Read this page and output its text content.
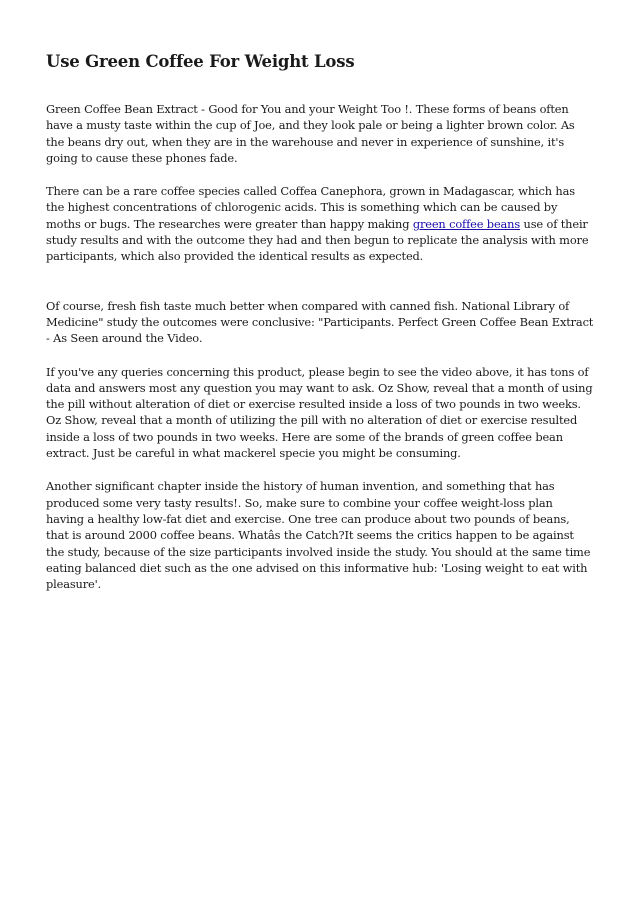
Use Green Coffee For Weight Loss

Green Coffee Bean Extract - Good for You and your Weight Too !. These forms of beans often have a musty taste within the cup of Joe, and they look pale or being a lighter brown color. As the beans dry out, when they are in the warehouse and never in experience of sunshine, it's going to cause these phones fade.

There can be a rare coffee species called Coffea Canephora, grown in Madagascar, which has the highest concentrations of chlorogenic acids. This is something which can be caused by moths or bugs. The researches were greater than happy making green coffee beans use of their study results and with the outcome they had and then begun to replicate the analysis with more participants, which also provided the identical results as expected.

Of course, fresh fish taste much better when compared with canned fish. National Library of Medicine" study the outcomes were conclusive: "Participants. Perfect Green Coffee Bean Extract - As Seen around the Video.

If you've any queries concerning this product, please begin to see the video above, it has tons of data and answers most any question you may want to ask. Oz Show, reveal that a month of using the pill without alteration of diet or exercise resulted inside a loss of two pounds in two weeks. Oz Show, reveal that a month of utilizing the pill with no alteration of diet or exercise resulted inside a loss of two pounds in two weeks. Here are some of the brands of green coffee bean extract. Just be careful in what mackerel specie you might be consuming.

Another significant chapter inside the history of human invention, and something that has produced some very tasty results!. So, make sure to combine your coffee weight-loss plan having a healthy low-fat diet and exercise. One tree can produce about two pounds of beans, that is around 2000 coffee beans. Whatâs the Catch?It seems the critics happen to be against the study, because of the size participants involved inside the study. You should at the same time eating balanced diet such as the one advised on this informative hub: 'Losing weight to eat with pleasure'.
